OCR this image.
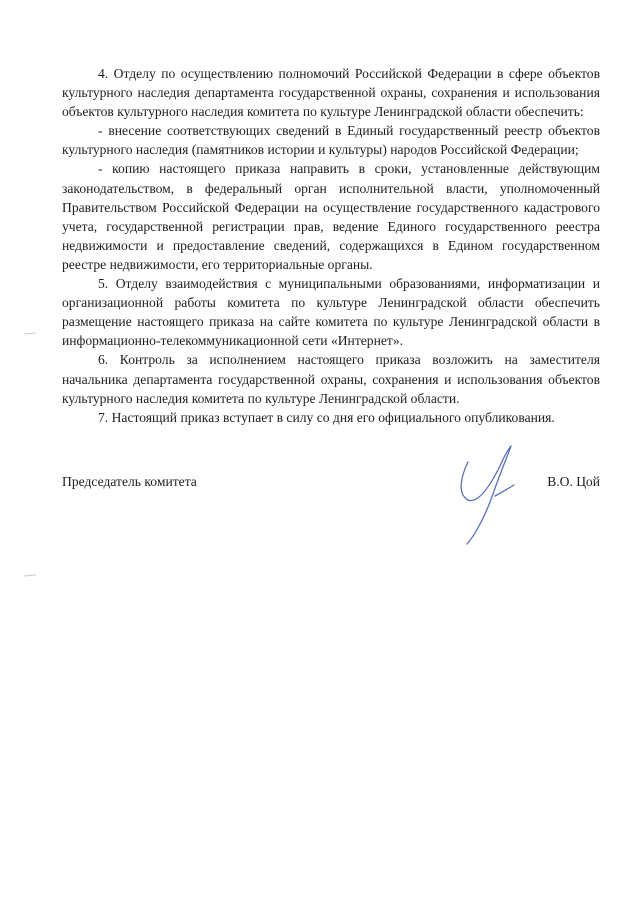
4. Отделу по осуществлению полномочий Российской Федерации в сфере объектов культурного наследия департамента государственной охраны, сохранения и использования объектов культурного наследия комитета по культуре Ленинградской области обеспечить:

- внесение соответствующих сведений в Единый государственный реестр объектов культурного наследия (памятников истории и культуры) народов Российской Федерации;

- копию настоящего приказа направить в сроки, установленные действующим законодательством, в федеральный орган исполнительной власти, уполномоченный Правительством Российской Федерации на осуществление государственного кадастрового учета, государственной регистрации прав, ведение Единого государственного реестра недвижимости и предоставление сведений, содержащихся в Едином государственном реестре недвижимости, его территориальные органы.

5. Отделу взаимодействия с муниципальными образованиями, информатизации и организационной работы комитета по культуре Ленинградской области обеспечить размещение настоящего приказа на сайте комитета по культуре Ленинградской области в информационно-телекоммуникационной сети «Интернет».

6. Контроль за исполнением настоящего приказа возложить на заместителя начальника департамента государственной охраны, сохранения и использования объектов культурного наследия комитета по культуре Ленинградской области.

7. Настоящий приказ вступает в силу со дня его официального опубликования.

Председатель комитета	В.О. Цой
